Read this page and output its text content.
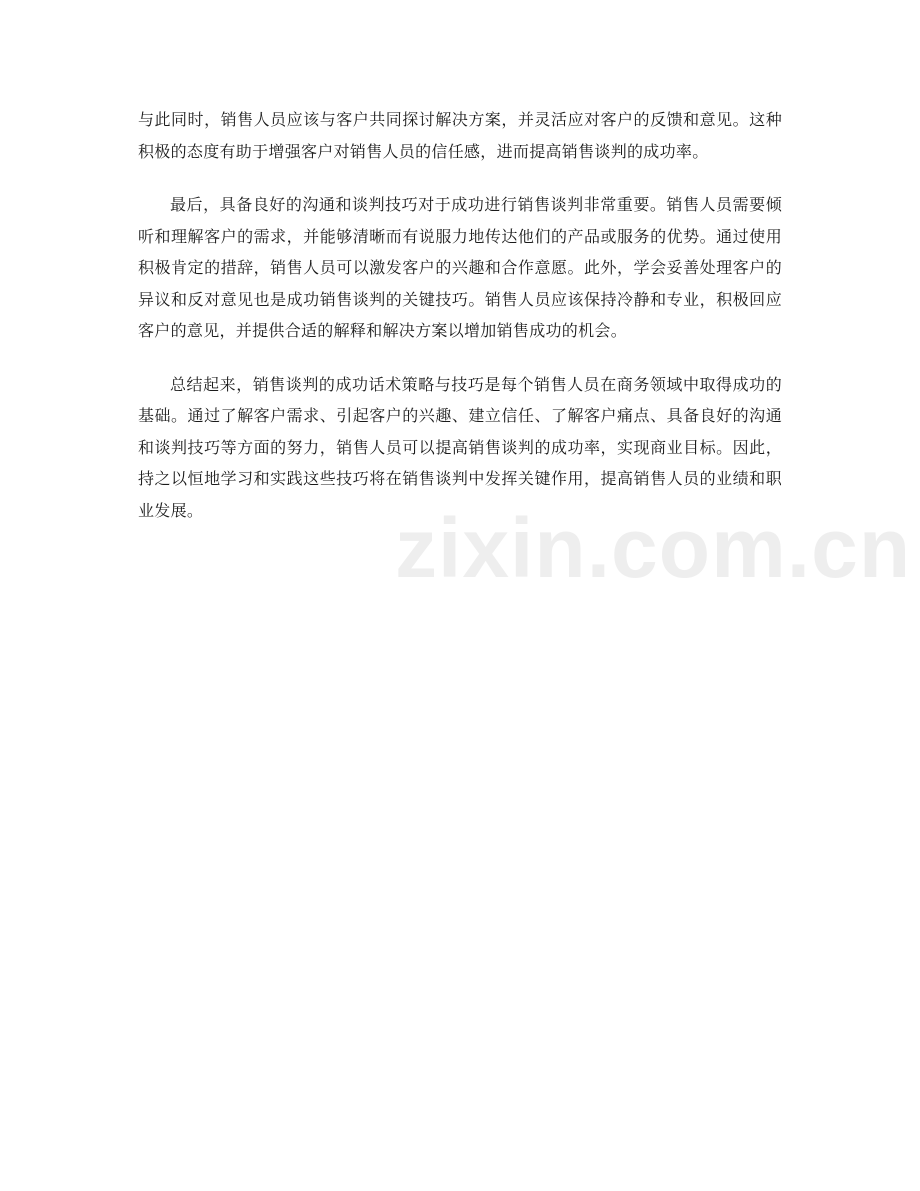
与此同时，销售人员应该与客户共同探讨解决方案，并灵活应对客户的反馈和意见。这种积极的态度有助于增强客户对销售人员的信任感，进而提高销售谈判的成功率。

最后，具备良好的沟通和谈判技巧对于成功进行销售谈判非常重要。销售人员需要倾听和理解客户的需求，并能够清晰而有说服力地传达他们的产品或服务的优势。通过使用积极肯定的措辞，销售人员可以激发客户的兴趣和合作意愿。此外，学会妥善处理客户的异议和反对意见也是成功销售谈判的关键技巧。销售人员应该保持冷静和专业，积极回应客户的意见，并提供合适的解释和解决方案以增加销售成功的机会。

总结起来，销售谈判的成功话术策略与技巧是每个销售人员在商务领域中取得成功的基础。通过了解客户需求、引起客户的兴趣、建立信任、了解客户痛点、具备良好的沟通和谈判技巧等方面的努力，销售人员可以提高销售谈判的成功率，实现商业目标。因此，持之以恒地学习和实践这些技巧将在销售谈判中发挥关键作用，提高销售人员的业绩和职业发展。	zixin.com.cn
